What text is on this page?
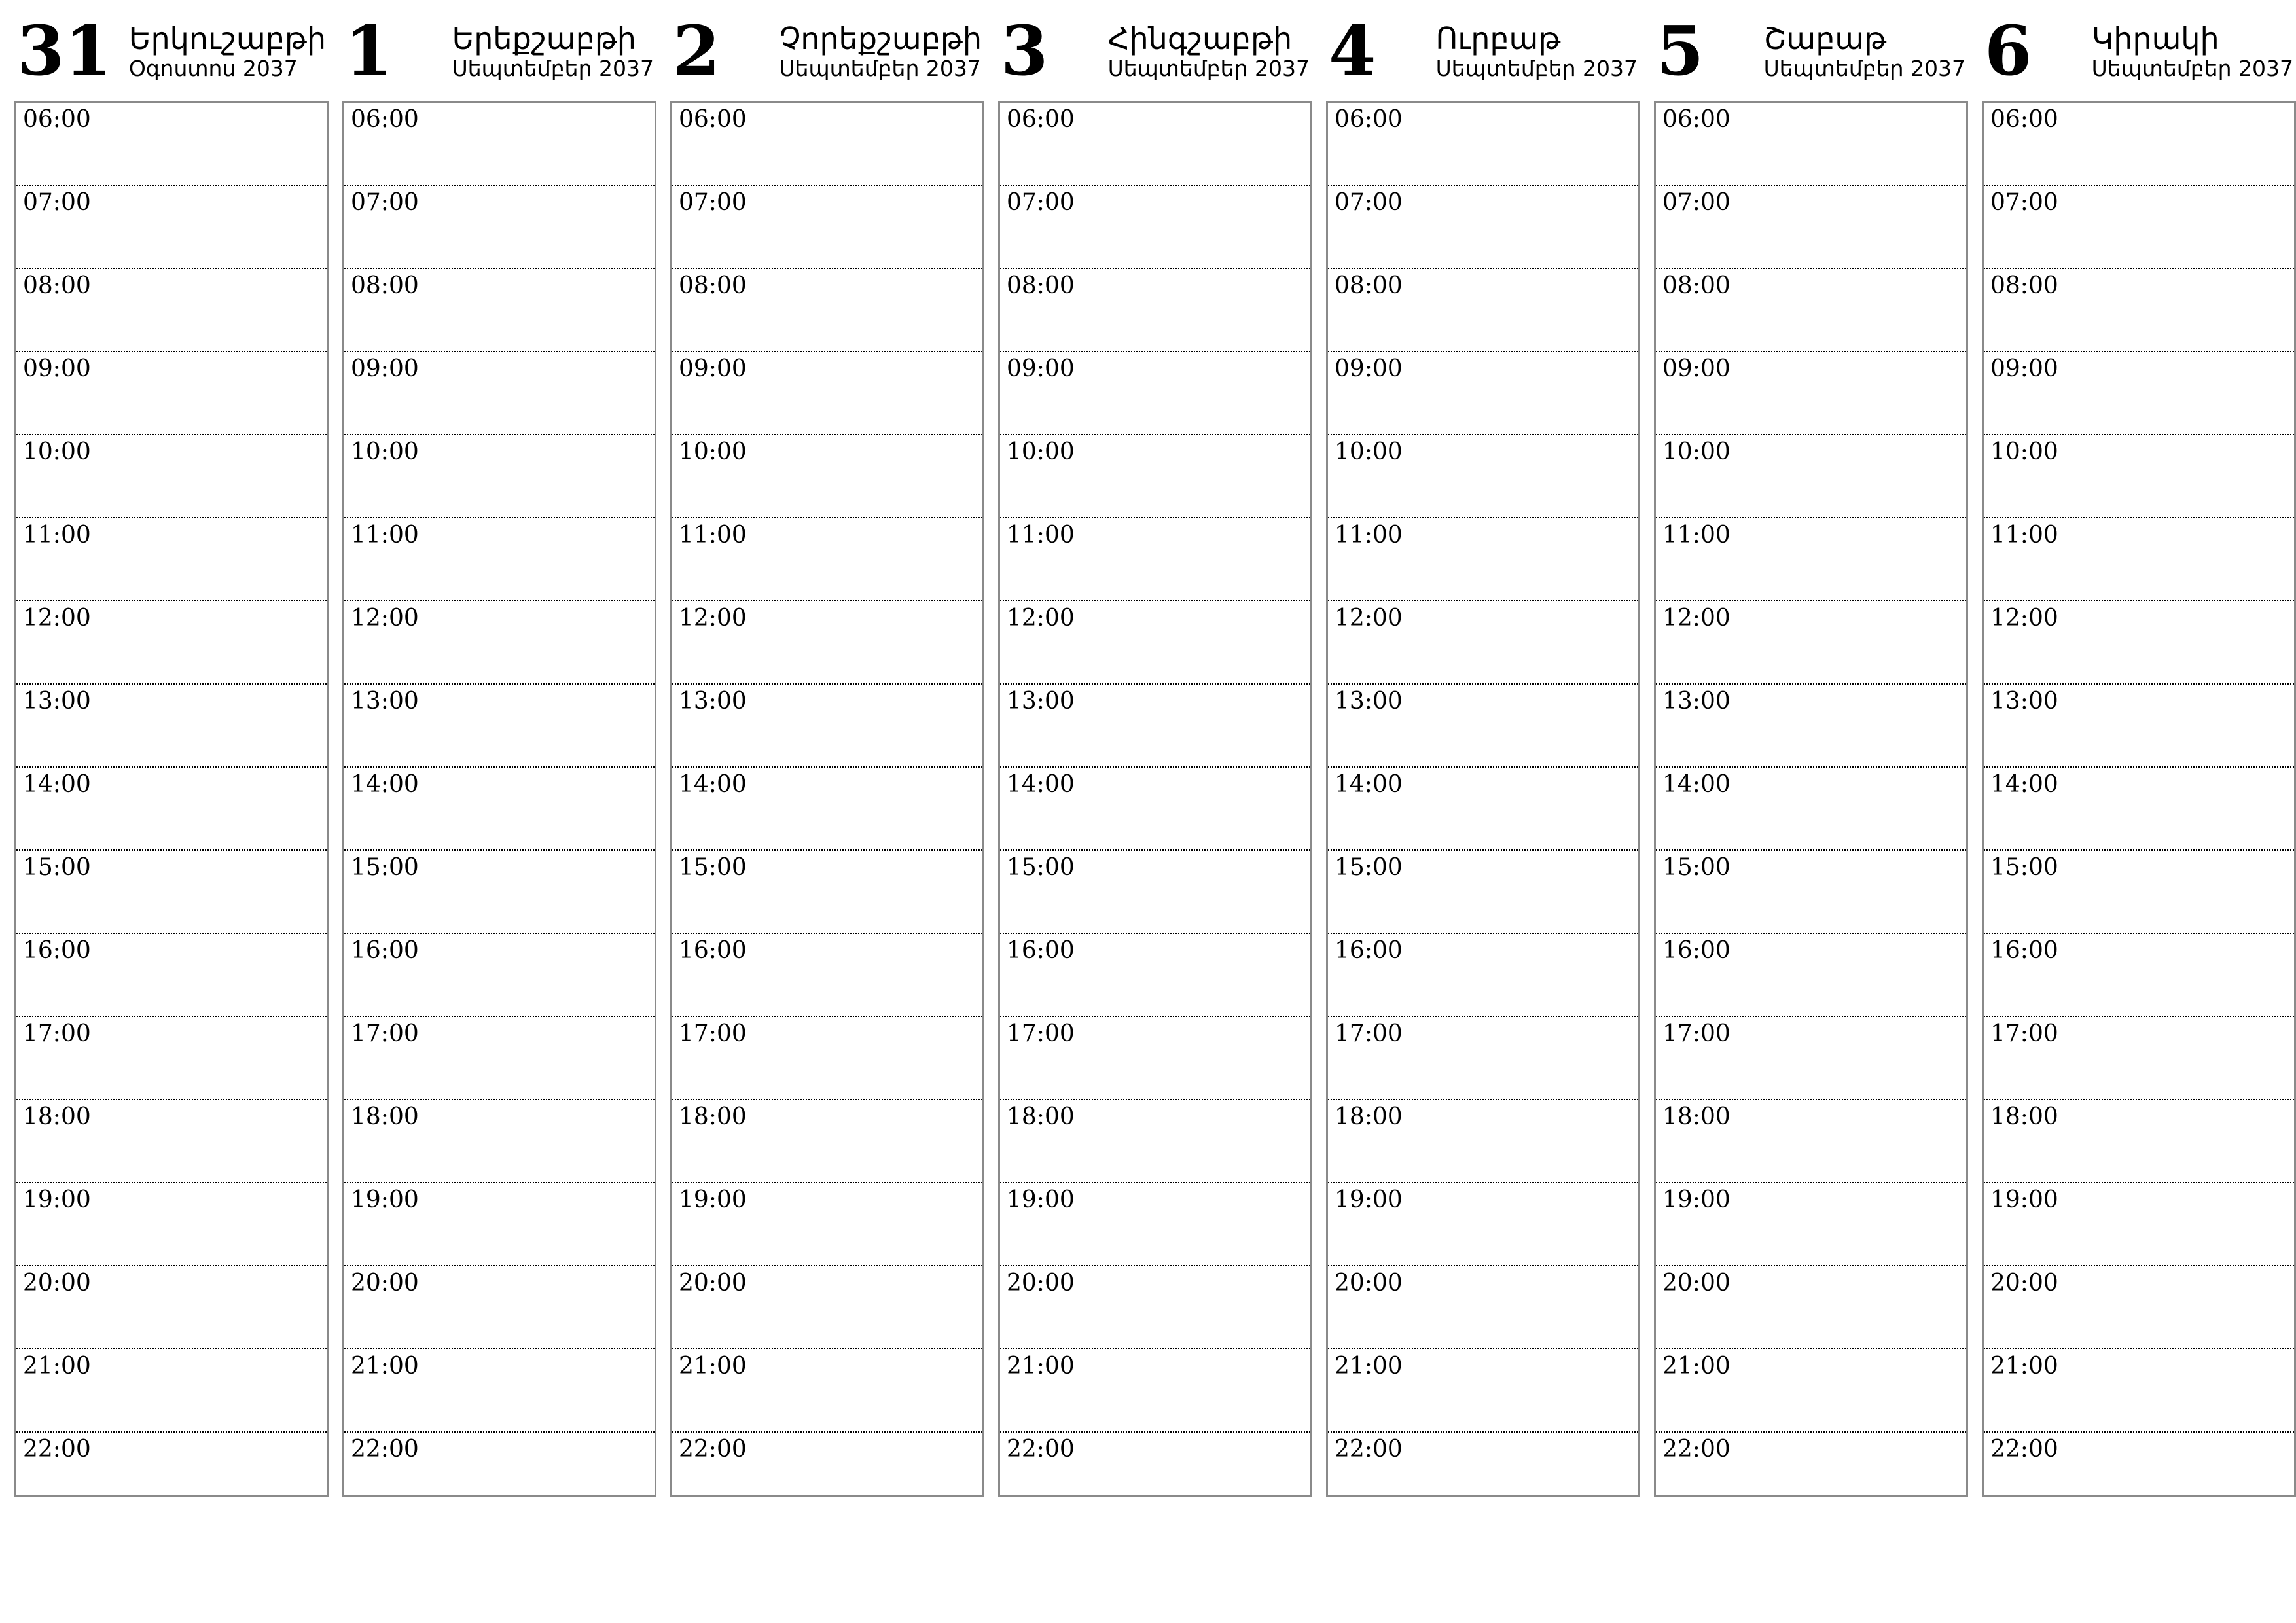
31 Երկուշաբթի
Օգոստոս 2037
06:00
07:00
08:00
09:00
10:00
11:00
12:00
13:00
14:00
15:00
16:00
17:00
18:00
19:00
20:00
21:00
22:00
1 Երեքշաբթի
Սեպտեմբեր 2037
06:00
07:00
08:00
09:00
10:00
11:00
12:00
13:00
14:00
15:00
16:00
17:00
18:00
19:00
20:00
21:00
22:00
2 Չորեքշաբթի
Սեպտեմբեր 2037
06:00
07:00
08:00
09:00
10:00
11:00
12:00
13:00
14:00
15:00
16:00
17:00
18:00
19:00
20:00
21:00
22:00
3 Հինգշաբթի
Սեպտեմբեր 2037
06:00
07:00
08:00
09:00
10:00
11:00
12:00
13:00
14:00
15:00
16:00
17:00
18:00
19:00
20:00
21:00
22:00
4 Ուրբաթ
Սեպտեմբեր 2037
06:00
07:00
08:00
09:00
10:00
11:00
12:00
13:00
14:00
15:00
16:00
17:00
18:00
19:00
20:00
21:00
22:00
5 Շաբաթ
Սեպտեմբեր 2037
06:00
07:00
08:00
09:00
10:00
11:00
12:00
13:00
14:00
15:00
16:00
17:00
18:00
19:00
20:00
21:00
22:00
6 Կիրակի
Սեպտեմբեր 2037
06:00
07:00
08:00
09:00
10:00
11:00
12:00
13:00
14:00
15:00
16:00
17:00
18:00
19:00
20:00
21:00
22:00
